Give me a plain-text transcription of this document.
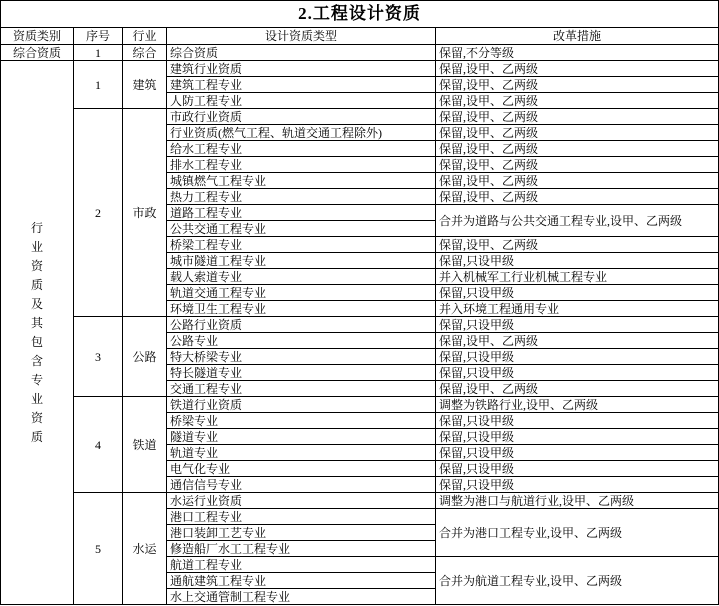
2.工程设计资质				
资质类别	序号	行业	设计资质类型	改革措施
综合资质	1	综合	综合资质	保留,不分等级

行业资质及其包含专业资质	1	建筑	建筑行业资质	保留,设甲、乙两级
			建筑工程专业	保留,设甲、乙两级
			人防工程专业	保留,设甲、乙两级
	2	市政	市政行业资质	保留,设甲、乙两级
			行业资质(燃气工程、轨道交通工程除外)	保留,设甲、乙两级
			给水工程专业	保留,设甲、乙两级
			排水工程专业	保留,设甲、乙两级
			城镇燃气工程专业	保留,设甲、乙两级
			热力工程专业	保留,设甲、乙两级
			道路工程专业	合并为道路与公共交通工程专业,设甲、乙两级
			公共交通工程专业	
			桥梁工程专业	保留,设甲、乙两级
			城市隧道工程专业	保留,只设甲级
			载人索道专业	并入机械军工行业机械工程专业
			轨道交通工程专业	保留,只设甲级
			环境卫生工程专业	并入环境工程通用专业
	3	公路	公路行业资质	保留,只设甲级
			公路专业	保留,设甲、乙两级
			特大桥梁专业	保留,只设甲级
			特长隧道专业	保留,只设甲级
			交通工程专业	保留,设甲、乙两级
	4	铁道	铁道行业资质	调整为铁路行业,设甲、乙两级
			桥梁专业	保留,只设甲级
			隧道专业	保留,只设甲级
			轨道专业	保留,只设甲级
			电气化专业	保留,只设甲级
			通信信号专业	保留,只设甲级
	5	水运	水运行业资质	调整为港口与航道行业,设甲、乙两级
			港口工程专业	合并为港口工程专业,设甲、乙两级
			港口装卸工艺专业	
			修造船厂水工工程专业	
			航道工程专业	合并为航道工程专业,设甲、乙两级
			通航建筑工程专业	
			水上交通管制工程专业	
